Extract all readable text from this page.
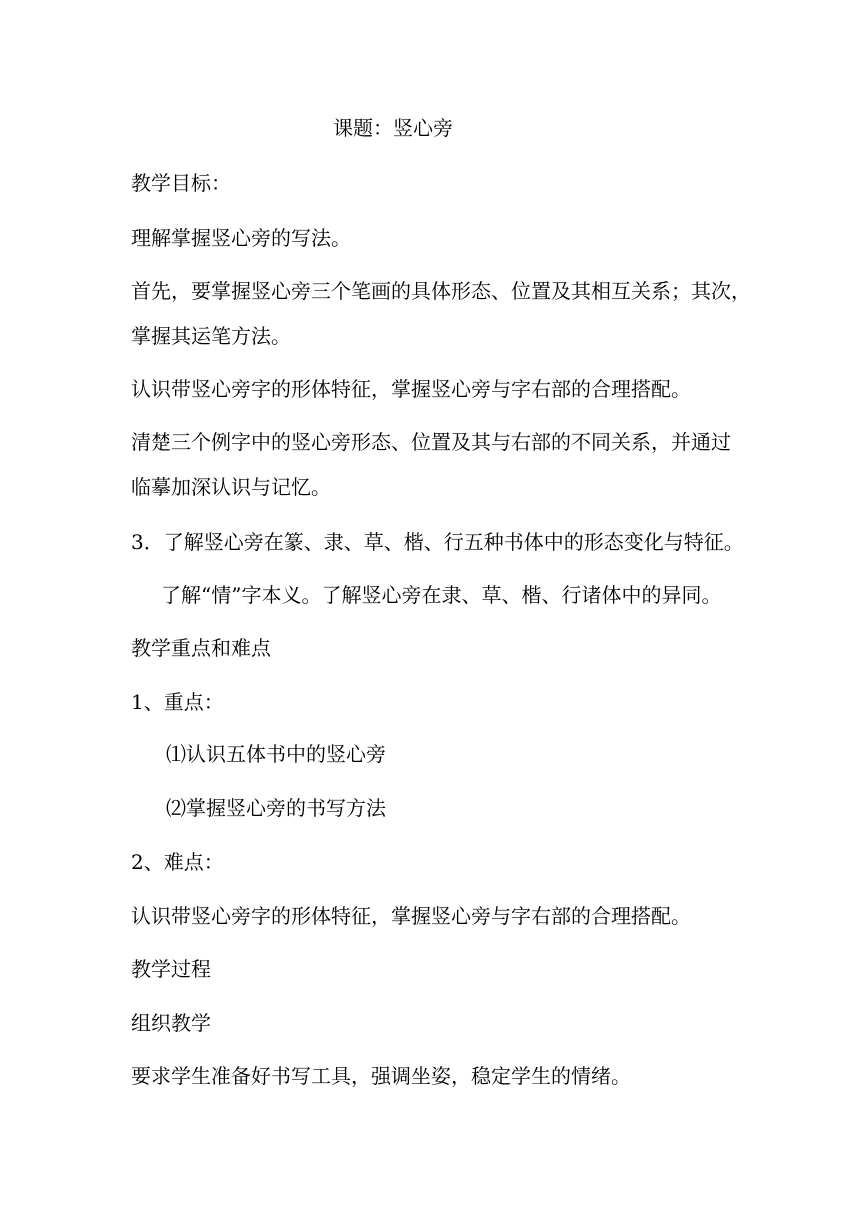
课题：竖心旁
教学目标：
理解掌握竖心旁的写法。
首先，要掌握竖心旁三个笔画的具体形态、位置及其相互关系；其次，
掌握其运笔方法。
认识带竖心旁字的形体特征，掌握竖心旁与字右部的合理搭配。
清楚三个例字中的竖心旁形态、位置及其与右部的不同关系，并通过
临摹加深认识与记忆。
3．了解竖心旁在篆、隶、草、楷、行五种书体中的形态变化与特征。
了解“情”字本义。了解竖心旁在隶、草、楷、行诸体中的异同。
教学重点和难点
1、重点：
⑴认识五体书中的竖心旁
⑵掌握竖心旁的书写方法
2、难点：
认识带竖心旁字的形体特征，掌握竖心旁与字右部的合理搭配。
教学过程
组织教学
要求学生准备好书写工具，强调坐姿，稳定学生的情绪。
